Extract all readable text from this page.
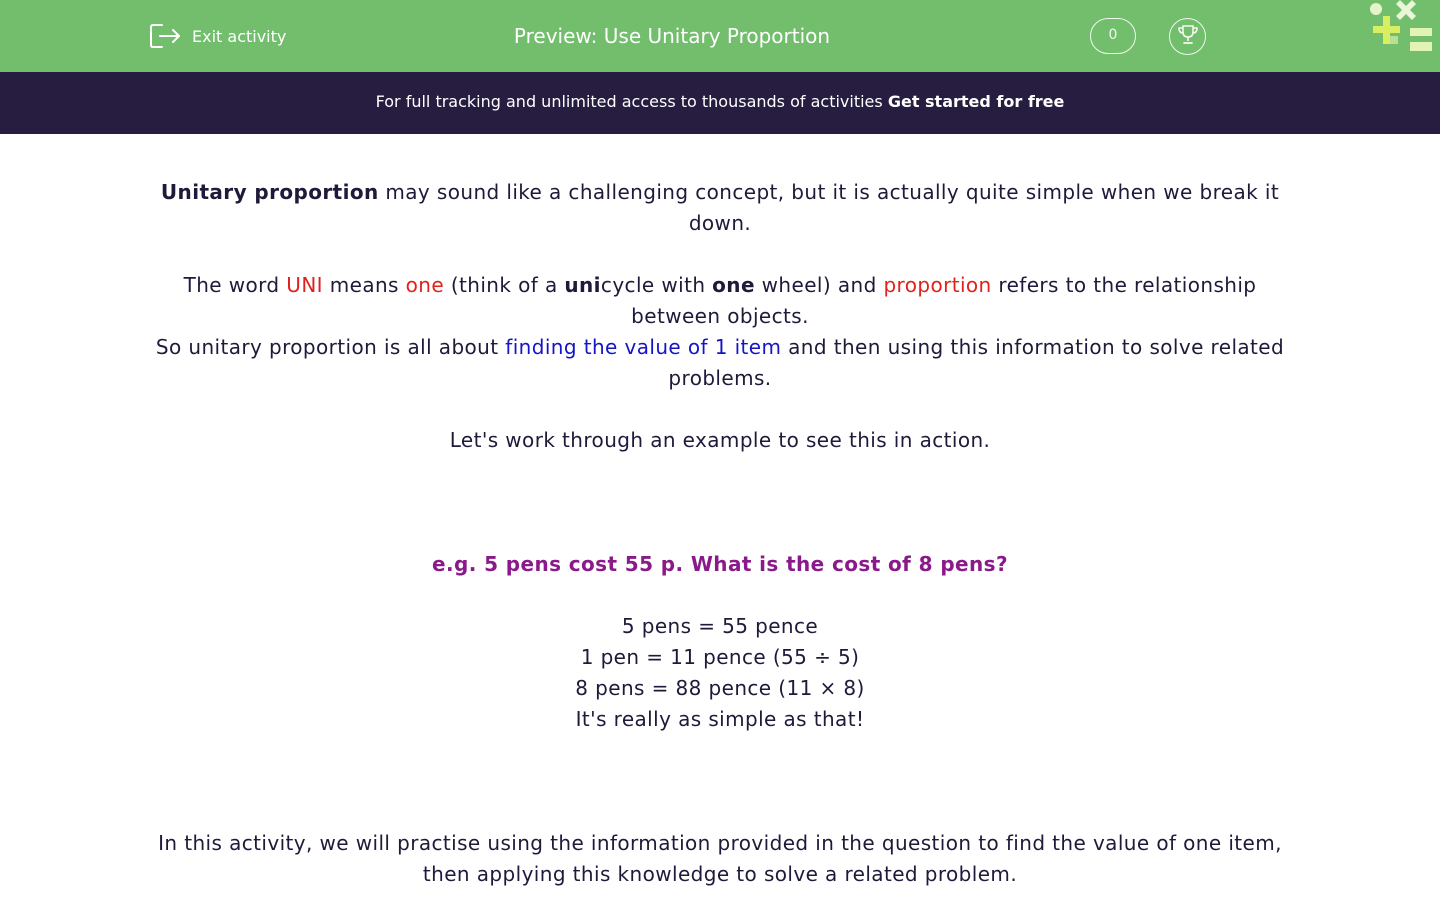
Exit activity	Preview: Use Unitary Proportion	0
For full tracking and unlimited access to thousands of activities Get started for free

Unitary proportion may sound like a challenging concept, but it is actually quite simple when we break it down.

The word UNI means one (think of a unicycle with one wheel) and proportion refers to the relationship between objects.

So unitary proportion is all about finding the value of 1 item and then using this information to solve related problems.

Let's work through an example to see this in action.

e.g. 5 pens cost 55 p. What is the cost of 8 pens?

5 pens = 55 pence

1 pen = 11 pence (55 ÷ 5)

8 pens = 88 pence (11 × 8)

It's really as simple as that!

In this activity, we will practise using the information provided in the question to find the value of one item, then applying this knowledge to solve a related problem.
